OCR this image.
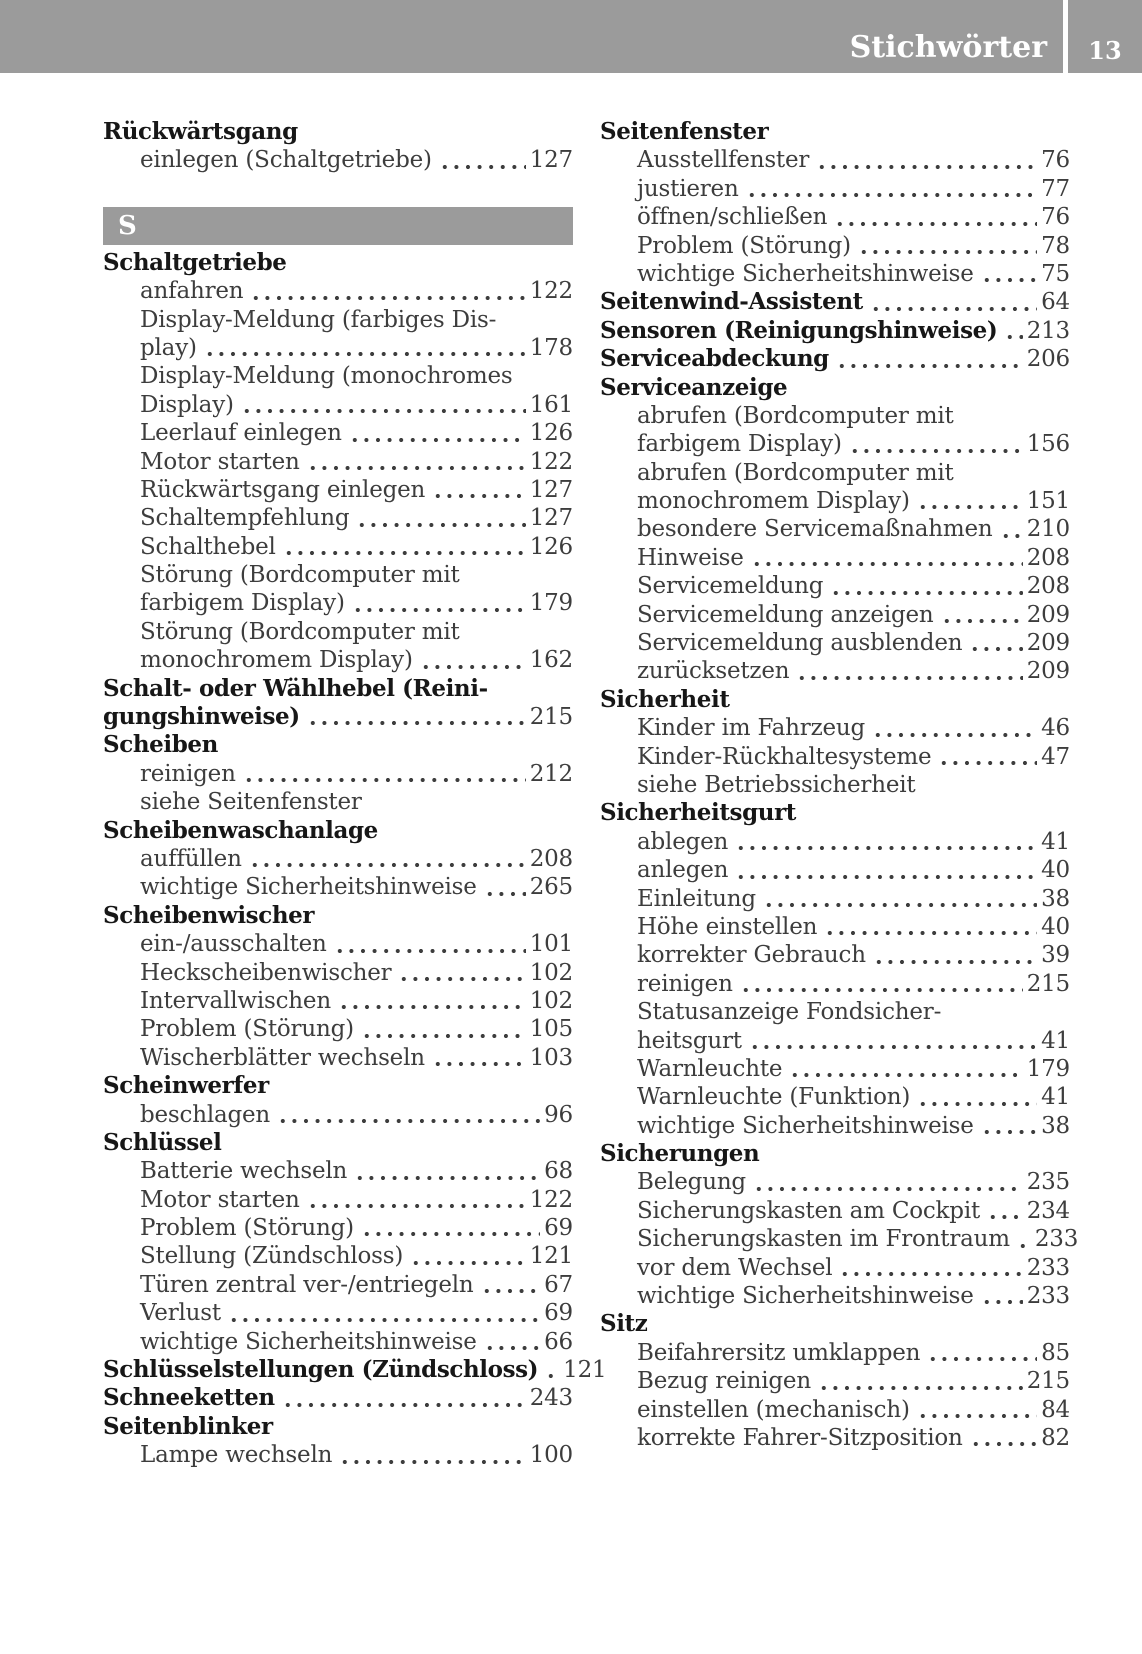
Stichwörter 13
Rückwärtsgang
einlegen (Schaltgetriebe)	127
S
Schaltgetriebe
anfahren	122
Display-Meldung (farbiges Dis-
play)	178
Display-Meldung (monochromes
Display)	161
Leerlauf einlegen	126
Motor starten	122
Rückwärtsgang einlegen	127
Schaltempfehlung	127
Schalthebel	126
Störung (Bordcomputer mit
farbigem Display)	179
Störung (Bordcomputer mit
monochromem Display)	162
Schalt- oder Wählhebel (Reini-
gungshinweise)	215
Scheiben
reinigen	212
siehe Seitenfenster
Scheibenwaschanlage
auffüllen	208
wichtige Sicherheitshinweise 265
Scheibenwischer
ein-/ausschalten	101
Heckscheibenwischer	102
Intervallwischen	102
Problem (Störung)	105
Wischerblätter wechseln	103
Scheinwerfer
beschlagen	96
Schlüssel
Batterie wechseln	68
Motor starten	122
Problem (Störung)	69
Stellung (Zündschloss)	121
Türen zentral ver-/entriegeln	67
Verlust	69
wichtige Sicherheitshinweise	66
Schlüsselstellungen (Zündschloss) 121
Schneeketten	243
Seitenblinker
Lampe wechseln	100
Seitenfenster
Ausstellfenster	76
justieren	77
öffnen/schließen	76
Problem (Störung)	78
wichtige Sicherheitshinweise	75
Seitenwind-Assistent	64
Sensoren (Reinigungshinweise) 213
Serviceabdeckung	206
Serviceanzeige
abrufen (Bordcomputer mit
farbigem Display)	156
abrufen (Bordcomputer mit
monochromem Display)	151
besondere Servicemaßnahmen 210
Hinweise	208
Servicemeldung	208
Servicemeldung anzeigen	209
Servicemeldung ausblenden	209
zurücksetzen	209
Sicherheit
Kinder im Fahrzeug	46
Kinder-Rückhaltesysteme	47
siehe Betriebssicherheit
Sicherheitsgurt
ablegen	41
anlegen	40
Einleitung	38
Höhe einstellen	40
korrekter Gebrauch	39
reinigen	215
Statusanzeige Fondsicher-
heitsgurt	41
Warnleuchte	179
Warnleuchte (Funktion)	41
wichtige Sicherheitshinweise	38
Sicherungen
Belegung	235
Sicherungskasten am Cockpit 234
Sicherungskasten im Frontraum 233
vor dem Wechsel	233
wichtige Sicherheitshinweise 233
Sitz
Beifahrersitz umklappen	85
Bezug reinigen	215
einstellen (mechanisch)	84
korrekte Fahrer-Sitzposition	82
